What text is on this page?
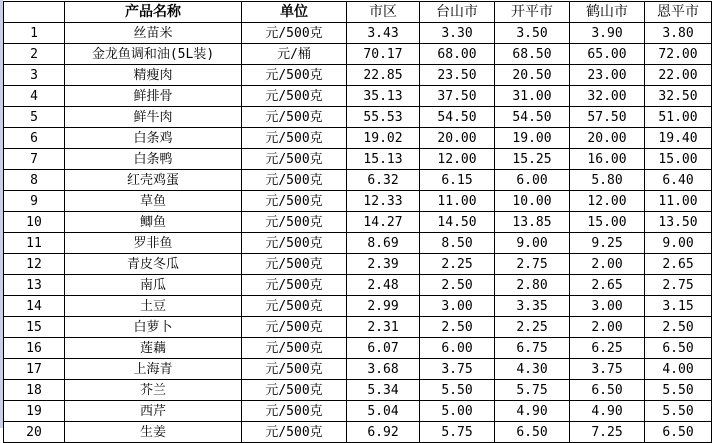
	产品名称	单位	市区	台山市	开平市	鹤山市	恩平市
1	丝苗米	元/500克	3.43	3.30	3.50	3.90	3.80
2	金龙鱼调和油(5L装)	元/桶	70.17	68.00	68.50	65.00	72.00
3	精瘦肉	元/500克	22.85	23.50	20.50	23.00	22.00
4	鲜排骨	元/500克	35.13	37.50	31.00	32.00	32.50
5	鲜牛肉	元/500克	55.53	54.50	54.50	57.50	51.00
6	白条鸡	元/500克	19.02	20.00	19.00	20.00	19.40
7	白条鸭	元/500克	15.13	12.00	15.25	16.00	15.00
8	红壳鸡蛋	元/500克	6.32	6.15	6.00	5.80	6.40
9	草鱼	元/500克	12.33	11.00	10.00	12.00	11.00
10	鲫鱼	元/500克	14.27	14.50	13.85	15.00	13.50
11	罗非鱼	元/500克	8.69	8.50	9.00	9.25	9.00
12	青皮冬瓜	元/500克	2.39	2.25	2.75	2.00	2.65
13	南瓜	元/500克	2.48	2.50	2.80	2.65	2.75
14	土豆	元/500克	2.99	3.00	3.35	3.00	3.15
15	白萝卜	元/500克	2.31	2.50	2.25	2.00	2.50
16	莲藕	元/500克	6.07	6.00	6.75	6.25	6.50
17	上海青	元/500克	3.68	3.75	4.30	3.75	4.00
18	芥兰	元/500克	5.34	5.50	5.75	6.50	5.50
19	西芹	元/500克	5.04	5.00	4.90	4.90	5.50
20	生姜	元/500克	6.92	5.75	6.50	7.25	6.50
